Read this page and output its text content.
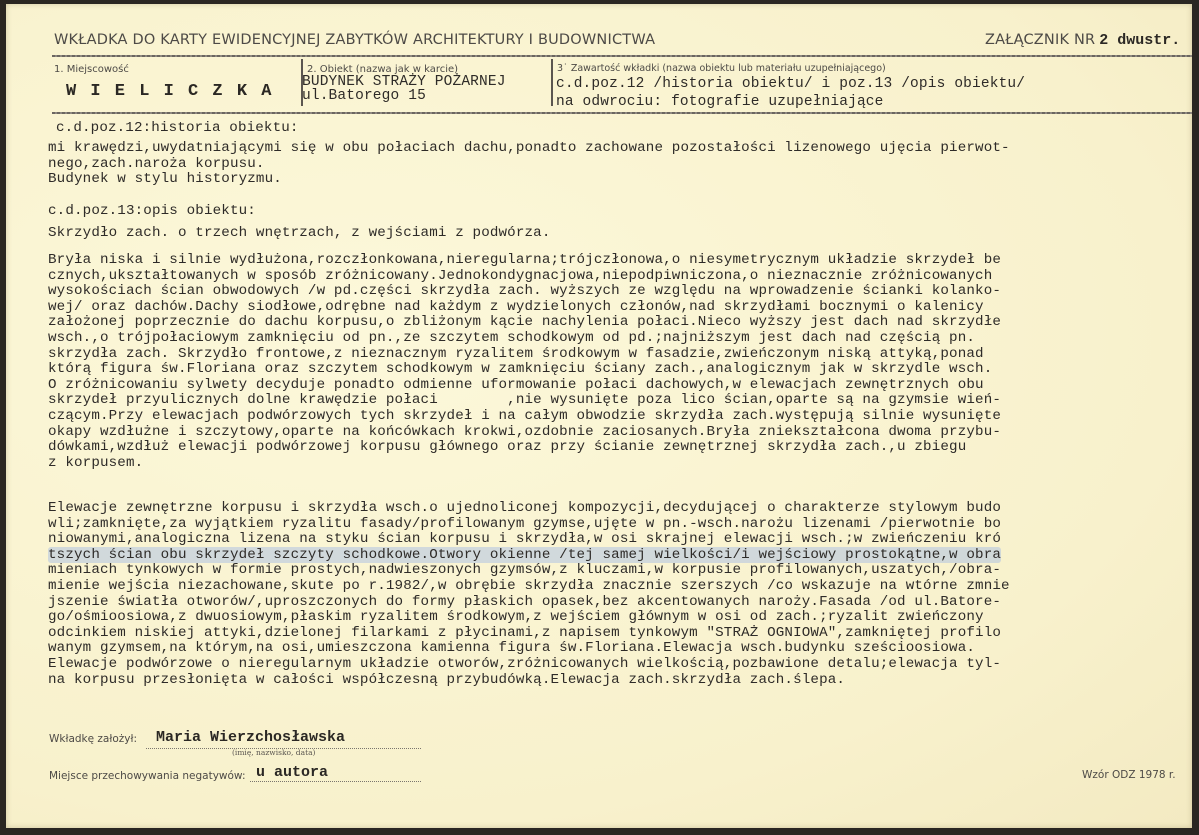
WKŁADKA DO KARTY EWIDENCYJNEJ ZABYTKÓW ARCHITEKTURY I BUDOWNICTWA	ZAŁĄCZNIK NR 2 dwustr.
1. Miejscowość
W I E L I C Z K A
2. Obiekt (nazwa jak w karcie)
BUDYNEK STRAŻY POŻARNEJ
ul.Batorego 15
3˙ Zawartość wkładki (nazwa obiektu lub materiału uzupełniającego)
c.d.poz.12 /historia obiektu/ i poz.13 /opis obiektu/
na odwrociu: fotografie uzupełniające
c.d.poz.12:historia obiektu:
mi krawędzi,uwydatniającymi się w obu połaciach dachu,ponadto zachowane pozostałości lizenowego ujęcia pierwot-
nego,zach.naroża korpusu.
Budynek w stylu historyzmu.
c.d.poz.13:opis obiektu:
Skrzydło zach. o trzech wnętrzach, z wejściami z podwórza.
Bryła niska i silnie wydłużona,rozczłonkowana,nieregularna;trójczłonowa,o niesymetrycznym układzie skrzydeł be
cznych,ukształtowanych w sposób zróżnicowany.Jednokondygnacjowa,niepodpiwniczona,o nieznacznie zróżnicowanych
wysokościach ścian obwodowych /w pd.części skrzydła zach. wyższych ze względu na wprowadzenie ścianki kolanko-
wej/ oraz dachów.Dachy siodłowe,odrębne nad każdym z wydzielonych członów,nad skrzydłami bocznymi o kalenicy
założonej poprzecznie do dachu korpusu,o zbliżonym kącie nachylenia połaci.Nieco wyższy jest dach nad skrzydłe
wsch.,o trójpołaciowym zamknięciu od pn.,ze szczytem schodkowym od pd.;najniższym jest dach nad częścią pn.
skrzydła zach. Skrzydło frontowe,z nieznacznym ryzalitem środkowym w fasadzie,zwieńczonym niską attyką,ponad
którą figura św.Floriana oraz szczytem schodkowym w zamknięciu ściany zach.,analogicznym jak w skrzydle wsch.
O zróżnicowaniu sylwety decyduje ponadto odmienne uformowanie połaci dachowych,w elewacjach zewnętrznych obu
skrzydeł przyulicznych dolne krawędzie połaci        ,nie wysunięte poza lico ścian,oparte są na gzymsie wień-
czącym.Przy elewacjach podwórzowych tych skrzydeł i na całym obwodzie skrzydła zach.występują silnie wysunięte
okapy wzdłużne i szczytowy,oparte na końcówkach krokwi,ozdobnie zaciosanych.Bryła zniekształcona dwoma przybu-
dówkami,wzdłuż elewacji podwórzowej korpusu głównego oraz przy ścianie zewnętrznej skrzydła zach.,u zbiegu
z korpusem.
Elewacje zewnętrzne korpusu i skrzydła wsch.o ujednoliconej kompozycji,decydującej o charakterze stylowym budo
wli;zamknięte,za wyjątkiem ryzalitu fasady/profilowanym gzymse,ujęte w pn.-wsch.narożu lizenami /pierwotnie bo
niowanymi,analogiczna lizena na styku ścian korpusu i skrzydła,w osi skrajnej elewacji wsch.;w zwieńczeniu kró
tszych ścian obu skrzydeł szczyty schodkowe.Otwory okienne /tej samej wielkości/i wejściowy prostokątne,w obra
mieniach tynkowych w formie prostych,nadwieszonych gzymsów,z kluczami,w korpusie profilowanych,uszatych,/obra-
mienie wejścia niezachowane,skute po r.1982/,w obrębie skrzydła znacznie szerszych /co wskazuje na wtórne zmnie
jszenie światła otworów/,uproszczonych do formy płaskich opasek,bez akcentowanych naroży.Fasada /od ul.Batore-
go/ośmioosiowa,z dwuosiowym,płaskim ryzalitem środkowym,z wejściem głównym w osi od zach.;ryzalit zwieńczony
odcinkiem niskiej attyki,dzielonej filarkami z płycinami,z napisem tynkowym "STRAŻ OGNIOWA",zamkniętej profilo
wanym gzymsem,na którym,na osi,umieszczona kamienna figura św.Floriana.Elewacja wsch.budynku sześcioosiowa.
Elewacje podwórzowe o nieregularnym układzie otworów,zróżnicowanych wielkością,pozbawione detalu;elewacja tyl-
na korpusu przesłonięta w całości współczesną przybudówką.Elewacja zach.skrzydła zach.ślepa.
Wkładkę założył: Maria Wierzchosławska
(imię, nazwisko, data)
Miejsce przechowywania negatywów: u autora	Wzór ODZ 1978 r.
